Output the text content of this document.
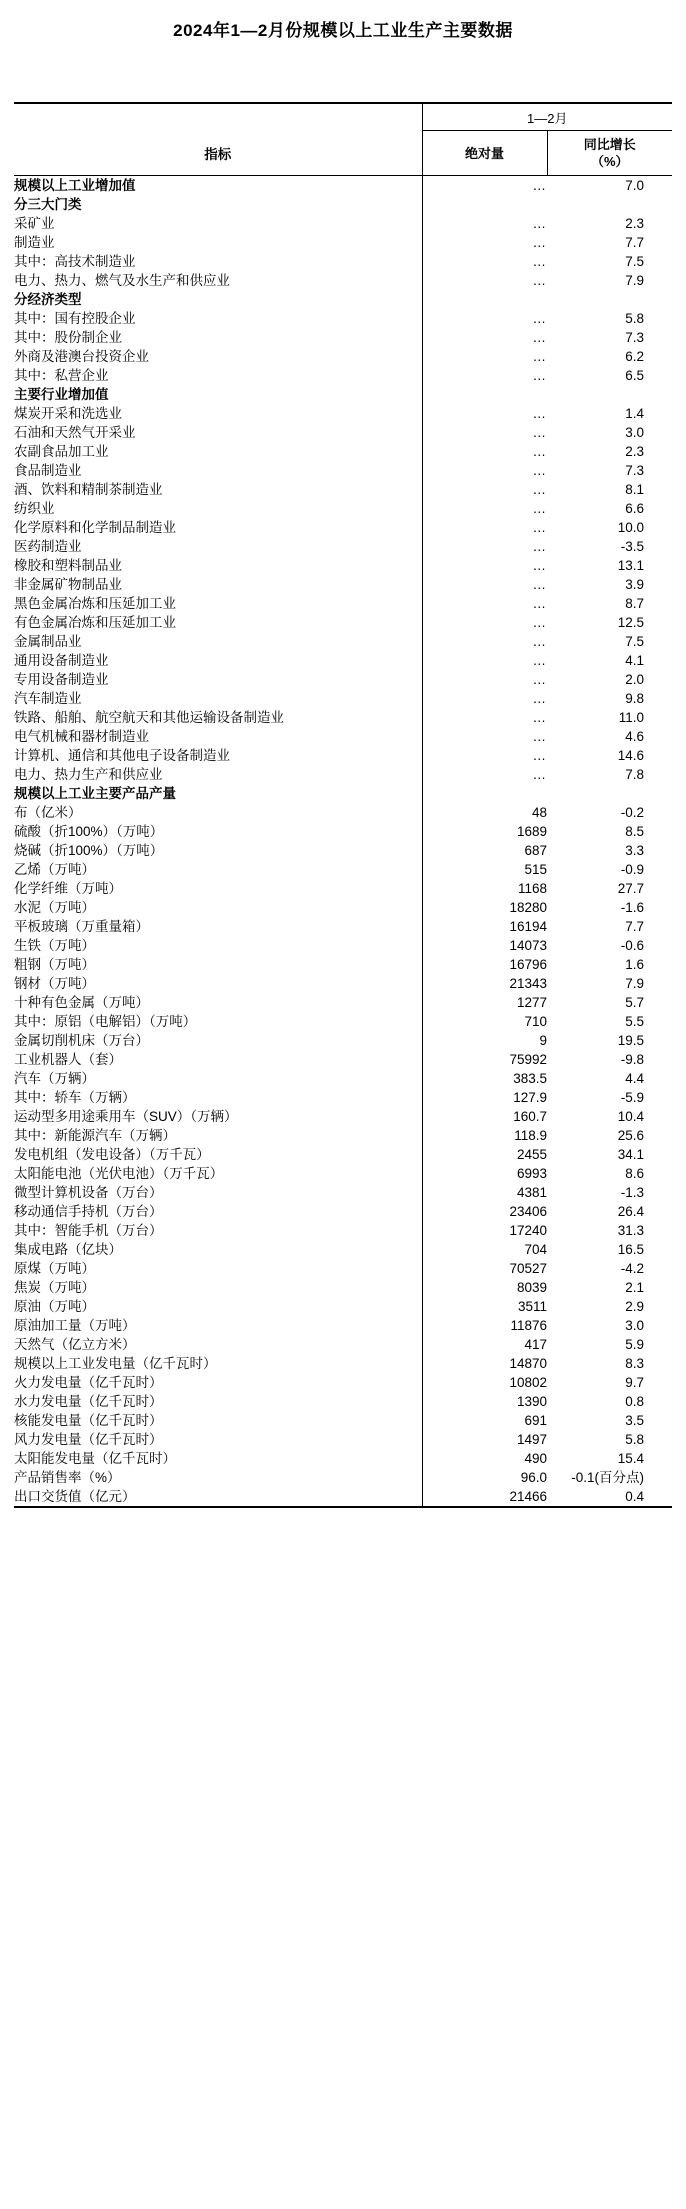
2024年1—2月份规模以上工业生产主要数据
	1—2月	
指标	绝对量	同比增长
（%）
规模以上工业增加值	…	7.0
分三大门类		
采矿业	…	2.3
制造业	…	7.7
其中：高技术制造业	…	7.5
电力、热力、燃气及水生产和供应业	…	7.9
分经济类型		
其中：国有控股企业	…	5.8
其中：股份制企业	…	7.3
外商及港澳台投资企业	…	6.2
其中：私营企业	…	6.5
主要行业增加值		
煤炭开采和洗选业	…	1.4
石油和天然气开采业	…	3.0
农副食品加工业	…	2.3
食品制造业	…	7.3
酒、饮料和精制茶制造业	…	8.1
纺织业	…	6.6
化学原料和化学制品制造业	…	10.0
医药制造业	…	-3.5
橡胶和塑料制品业	…	13.1
非金属矿物制品业	…	3.9
黑色金属冶炼和压延加工业	…	8.7
有色金属冶炼和压延加工业	…	12.5
金属制品业	…	7.5
通用设备制造业	…	4.1
专用设备制造业	…	2.0
汽车制造业	…	9.8
铁路、船舶、航空航天和其他运输设备制造业	…	11.0
电气机械和器材制造业	…	4.6
计算机、通信和其他电子设备制造业	…	14.6
电力、热力生产和供应业	…	7.8
规模以上工业主要产品产量		
布（亿米）	48	-0.2
硫酸（折100%）（万吨）	1689	8.5
烧碱（折100%）（万吨）	687	3.3
乙烯（万吨）	515	-0.9
化学纤维（万吨）	1168	27.7
水泥（万吨）	18280	-1.6
平板玻璃（万重量箱）	16194	7.7
生铁（万吨）	14073	-0.6
粗钢（万吨）	16796	1.6
钢材（万吨）	21343	7.9
十种有色金属（万吨）	1277	5.7
其中：原铝（电解铝）（万吨）	710	5.5
金属切削机床（万台）	9	19.5
工业机器人（套）	75992	-9.8
汽车（万辆）	383.5	4.4
其中：轿车（万辆）	127.9	-5.9
运动型多用途乘用车（SUV）（万辆）	160.7	10.4
其中：新能源汽车（万辆）	118.9	25.6
发电机组（发电设备）（万千瓦）	2455	34.1
太阳能电池（光伏电池）（万千瓦）	6993	8.6
微型计算机设备（万台）	4381	-1.3
移动通信手持机（万台）	23406	26.4
其中：智能手机（万台）	17240	31.3
集成电路（亿块）	704	16.5
原煤（万吨）	70527	-4.2
焦炭（万吨）	8039	2.1
原油（万吨）	3511	2.9
原油加工量（万吨）	11876	3.0
天然气（亿立方米）	417	5.9
规模以上工业发电量（亿千瓦时）	14870	8.3
火力发电量（亿千瓦时）	10802	9.7
水力发电量（亿千瓦时）	1390	0.8
核能发电量（亿千瓦时）	691	3.5
风力发电量（亿千瓦时）	1497	5.8
太阳能发电量（亿千瓦时）	490	15.4
产品销售率（%）	96.0	-0.1(百分点)
出口交货值（亿元）	21466	0.4
